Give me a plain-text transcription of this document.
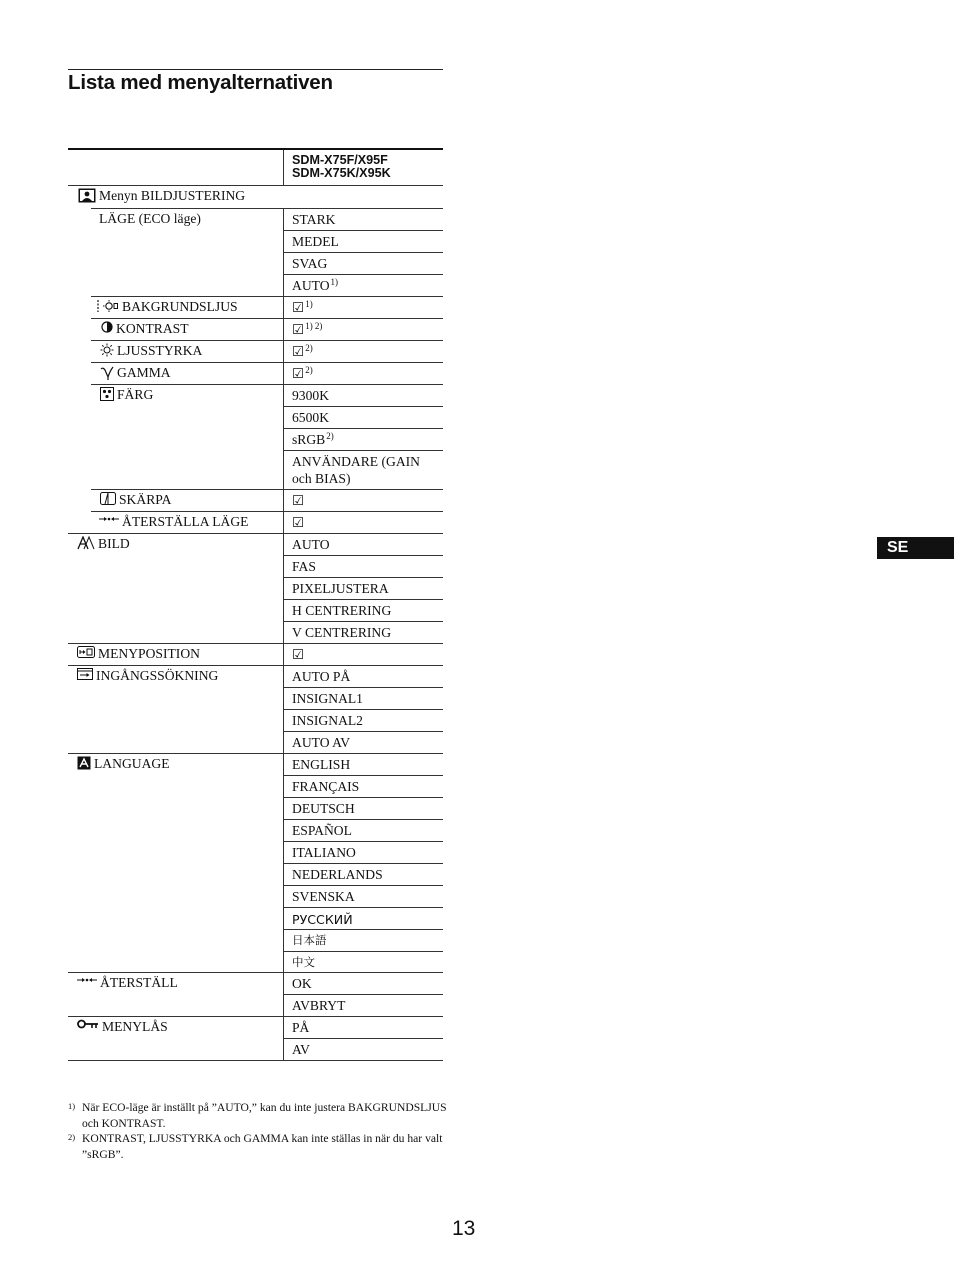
Lista med menyalternativen
SDM-X75F/X95F
SDM-X75K/X95K
Menyn BILDJUSTERING
LÄGE (ECO läge)	STARK
MEDEL
SVAG
AUTO$^{1)}$
BAKGRUNDSLJUS	☑$^{1)}$
KONTRAST	☑$^{1) 2)}$
LJUSSTYRKA	☑$^{2)}$
GAMMA	☑$^{2)}$
FÄRG	9300K
6500K
sRGB$^{2)}$
ANVÄNDARE (GAIN och BIAS)
SKÄRPA	☑
ÅTERSTÄLLA LÄGE	☑
BILD	AUTO
FAS
PIXELJUSTERA
H CENTRERING
V CENTRERING
MENYPOSITION	☑
INGÅNGSSÖKNING	AUTO PÅ
INSIGNAL1
INSIGNAL2
AUTO AV
LANGUAGE	ENGLISH
FRANÇAIS
DEUTSCH
ESPAÑOL
ITALIANO
NEDERLANDS
SVENSKA
РУССКИЙ
日本語
中文
ÅTERSTÄLL	OK
AVBRYT
MENYLÅS	PÅ
AV
1) När ECO-läge är inställt på ”AUTO,” kan du inte justera BAKGRUNDSLJUS och KONTRAST.
2) KONTRAST, LJUSSTYRKA och GAMMA kan inte ställas in när du har valt ”sRGB”.
SE
13
